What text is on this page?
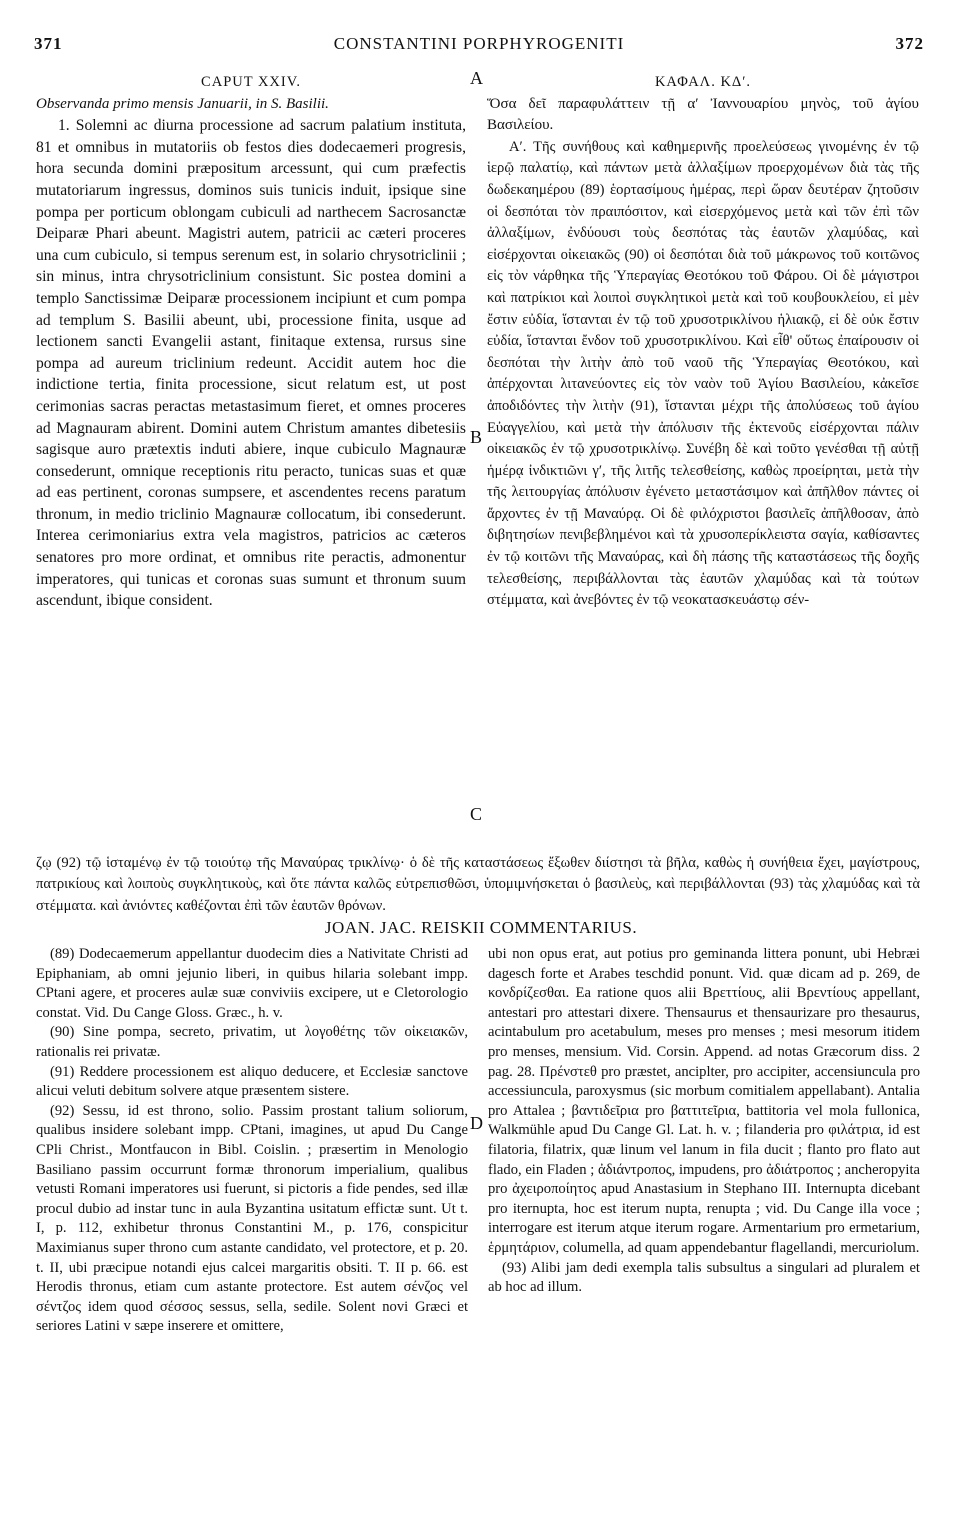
371	CONSTANTINI PORPHYROGENITI	372
CAPUT XXIV.
Observanda primo mensis Januarii, in S. Basilii.
1. Solemni ac diurna processione ad sacrum palatium instituta, 81 et omnibus in mutatoriis ob festos dies dodecaemeri progresis, hora secunda domini præpositum arcessunt, qui cum præfectis mutatoriarum ingressus, dominos suis tunicis induit, ipsique sine pompa per porticum oblongam cubiculi ad narthecem Sacrosanctæ Deiparæ Phari abeunt. Magistri autem, patricii ac cæteri proceres una cum cubiculo, si tempus serenum est, in solario chrysotriclinii ; sin minus, intra chrysotriclinium consistunt. Sic postea domini a templo Sanctissimæ Deiparæ processionem incipiunt et cum pompa ad templum S. Basilii abeunt, ubi, processione finita, usque ad lectionem sancti Evangelii astant, finitaque extensa, rursus sine pompa ad aureum triclinium redeunt. Accidit autem hoc die indictione tertia, finita processione, sicut relatum est, ut post cerimonias sacras peractas metastasimum fieret, et omnes proceres ad Magnauram abirent. Domini autem Christum amantes dibetesiis sagisque auro prætextis induti abiere, inque cubiculo Magnauræ consederunt, omnique receptionis ritu peracto, tunicas suas et quæ ad eas pertinent, coronas sumpsere, et ascendentes recens paratum thronum, in medio triclinio Magnauræ collocatum, ibi consederunt. Interea cerimoniarius extra vela magistros, patricios ac cæteros senatores pro more ordinat, et omnibus rite peractis, admonentur imperatores, qui tunicas et coronas suas sumunt et thronum suum ascendunt, ibique consident.
ΚΑΦΑΛ. ΚΔʹ.
Ὅσα δεῖ παραφυλάττειν τῇ αʹ Ἰαννουαρίου μηνὸς, τοῦ ἁγίου Βασιλείου.
Αʹ. Τῆς συνήθους καὶ καθημερινῆς προελεύσεως γινομένης ἐν τῷ ἱερῷ παλατίῳ, καὶ πάντων μετὰ ἀλλαξίμων προερχομένων διὰ τὰς τῆς δωδεκαημέρου (89) ἑορτασίμους ἡμέρας, περὶ ὥραν δευτέραν ζητοῦσιν οἱ δεσπόται τὸν πραιπόσιτον, καὶ εἰσερχόμενος μετὰ καὶ τῶν ἐπὶ τῶν ἀλλαξίμων, ἐνδύουσι τοὺς δεσπότας τὰς ἑαυτῶν χλαμύδας, καὶ εἰσέρχονται οἰκειακῶς (90) οἱ δεσπόται διὰ τοῦ μάκρωνος τοῦ κοιτῶνος εἰς τὸν νάρθηκα τῆς Ὑπεραγίας Θεοτόκου τοῦ Φάρου. Οἱ δὲ μάγιστροι καὶ πατρίκιοι καὶ λοιποὶ συγκλητικοὶ μετὰ καὶ τοῦ κουβουκλείου, εἰ μὲν ἔστιν εὐδία, ἵστανται ἐν τῷ τοῦ χρυσοτρικλίνου ἡλιακῷ, εἰ δὲ οὐκ ἔστιν εὐδία, ἵστανται ἔνδον τοῦ χρυσοτρικλίνου. Καὶ εἶθ' οὕτως ἐπαίρουσιν οἱ δεσπόται τὴν λιτὴν ἀπὸ τοῦ ναοῦ τῆς Ὑπεραγίας Θεοτόκου, καὶ ἀπέρχονται λιτανεύοντες εἰς τὸν ναὸν τοῦ Ἁγίου Βασιλείου, κἀκεῖσε ἀποδιδόντες τὴν λιτὴν (91), ἵστανται μέχρι τῆς ἀπολύσεως τοῦ ἁγίου Εὐαγγελίου, καὶ μετὰ τὴν ἀπόλυσιν τῆς ἐκτενοῦς εἰσέρχονται πάλιν οἰκειακῶς ἐν τῷ χρυσοτρικλίνῳ. Συνέβη δὲ καὶ τοῦτο γενέσθαι τῇ αὐτῇ ἡμέρᾳ ἰνδικτιῶνι γʹ, τῆς λιτῆς τελεσθείσης, καθὼς προείρηται, μετὰ τὴν τῆς λειτουργίας ἀπόλυσιν ἐγένετο μεταστάσιμον καὶ ἀπῆλθον πάντες οἱ ἄρχοντες ἐν τῇ Μαναύρᾳ. Οἱ δὲ φιλόχριστοι βασιλεῖς ἀπῆλθοσαν, ἀπὸ διβητησίων πενιβεβλημένοι καὶ τὰ χρυσοπερίκλειστα σαγία, καθίσαντες ἐν τῷ κοιτῶνι τῆς Μαναύρας, καὶ δὴ πάσης τῆς καταστάσεως τῆς δοχῆς τελεσθείσης, περιβάλλονται τὰς ἑαυτῶν χλαμύδας καὶ τὰ τούτων στέμματα, καὶ ἀνεβόντες ἐν τῷ νεοκατασκευάστῳ σέν-
A
B
C
D
ζῳ (92) τῷ ἱσταμένῳ ἐν τῷ τοιούτῳ τῆς Μαναύρας τρικλίνῳ· ὁ δὲ τῆς καταστάσεως ἔξωθεν διίστησι τὰ βῆλα, καθὼς ἡ συνήθεια ἔχει, μαγίστρους, πατρικίους καὶ λοιποὺς συγκλητικοὺς, καὶ ὅτε πάντα καλῶς εὐτρεπισθῶσι, ὑπομιμνήσκεται ὁ βασιλεὺς, καὶ περιβάλλονται (93) τὰς χλαμύδας καὶ τὰ στέμματα. καὶ ἀνιόντες καθέζονται ἐπὶ τῶν ἑαυτῶν θρόνων.
JOAN. JAC. REISKII COMMENTARIUS.

(89) Dodecaemerum appellantur duodecim dies a Nativitate Christi ad Epiphaniam, ab omni jejunio liberi, in quibus hilaria solebant impp. CPtani agere, et proceres aulæ suæ conviviis excipere, ut e Cletorologio constat. Vid. Du Cange Gloss. Græc., h. v.

(90) Sine pompa, secreto, privatim, ut λογοθέτης τῶν οἰκειακῶν, rationalis rei privatæ.

(91) Reddere processionem est aliquo deducere, et Ecclesiæ sanctove alicui veluti debitum solvere atque præsentem sistere.

(92) Sessu, id est throno, solio. Passim prostant talium soliorum, qualibus insidere solebant impp. CPtani, imagines, ut apud Du Cange CPli Christ., Montfaucon in Bibl. Coislin. ; præsertim in Menologio Basiliano passim occurrunt formæ thronorum imperialium, qualibus vetusti Romani imperatores usi fuerunt, si pictoris a fide pendes, sed illæ procul dubio ad instar tunc in aula Byzantina usitatum effictæ sunt. Ut t. I, p. 112, exhibetur thronus Constantini M., p. 176, conspicitur Maximianus super throno cum astante candidato, vel protectore, et p. 20. t. II, ubi præcipue notandi ejus calcei margaritis obsiti. T. II p. 66. est Herodis thronus, etiam cum astante protectore. Est autem σένζος vel σέντζος idem quod σέσσος sessus, sella, sedile. Solent novi Græci et seriores Latini v sæpe inserere et omittere,

ubi non opus erat, aut potius pro geminanda littera ponunt, ubi Hebræi dagesch forte et Arabes teschdid ponunt. Vid. quæ dicam ad p. 269, de κονδρίζεσθαι. Ea ratione quos alii Βρεττίους, alii Βρεντίους appellant, antestari pro attestari dixere. Thensaurus et thensaurizare pro thesaurus, acintabulum pro acetabulum, meses pro menses ; mesi mesorum itidem pro menses, mensium. Vid. Corsin. Append. ad notas Græcorum diss. 2 pag. 28. Πρένστεθ pro præstet, anciplter, pro accipiter, accensiuncula pro accessiuncula, paroxysmus (sic morbum comitialem appellabant). Antalia pro Attalea ; βαντιδεῖρια pro βαττιτεῖρια, battitoria vel mola fullonica, Walkmühle apud Du Cange Gl. Lat. h. v. ; filanderia pro φιλάτρια, id est filatoria, filatrix, quæ linum vel lanum in fila ducit ; flanto pro flato aut flado, ein Fladen ; ἀδιάντροπος, impudens, pro ἀδιάτροπος ; ancheropyita pro ἀχειροποίητος apud Anastasium in Stephano III. Internupta dicebant pro iternupta, hoc est iterum nupta, renupta ; vid. Du Cange illa voce ; interrogare est iterum atque iterum rogare. Armentarium pro ermetarium, ἑρμητάριον, columella, ad quam appendebantur flagellandi, mercuriolum.

(93) Alibi jam dedi exempla talis subsultus a singulari ad pluralem et ab hoc ad illum.
